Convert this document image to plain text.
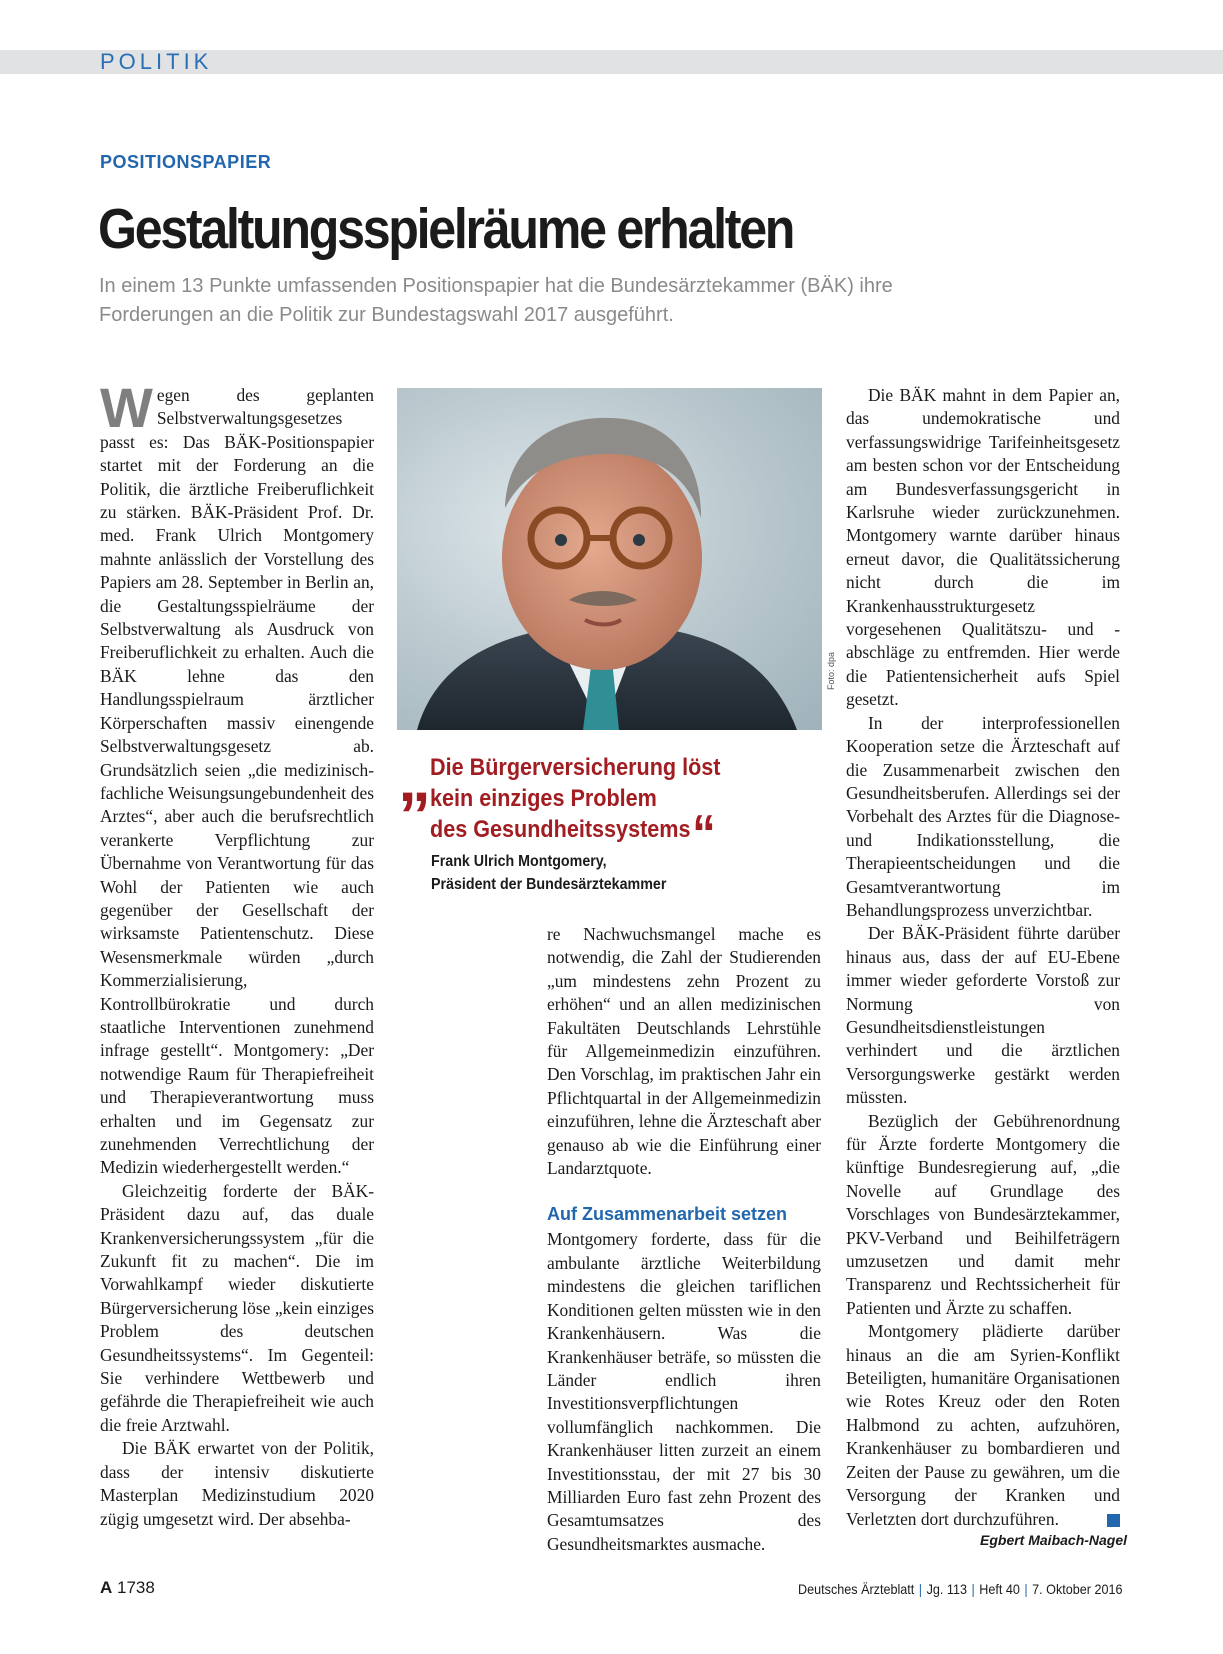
POLITIK
POSITIONSPAPIER
Gestaltungsspielräume erhalten

In einem 13 Punkte umfassenden Positionspapier hat die Bundesärztekammer (BÄK) ihre Forderungen an die Politik zur Bundestagswahl 2017 ausgeführt.

Wegen des geplanten Selbstverwaltungsgesetzes passt es: Das BÄK-Positionspapier startet mit der Forderung an die Politik, die ärztliche Freiberuflichkeit zu stärken. BÄK-Präsident Prof. Dr. med. Frank Ulrich Montgomery mahnte anlässlich der Vorstellung des Papiers am 28. September in Berlin an, die Gestaltungsspielräume der Selbstverwaltung als Ausdruck von Freiberuflichkeit zu erhalten. Auch die BÄK lehne das den Handlungsspielraum ärztlicher Körperschaften massiv einengende Selbstverwaltungsgesetz ab. Grundsätzlich seien „die medizinisch-fachliche Weisungsungebundenheit des Arztes“, aber auch die berufsrechtlich verankerte Verpflichtung zur Übernahme von Verantwortung für das Wohl der Patienten wie auch gegenüber der Gesellschaft der wirksamste Patientenschutz. Diese Wesensmerkmale würden „durch Kommerzialisierung, Kontrollbürokratie und durch staatliche Interventionen zunehmend infrage gestellt“. Montgomery: „Der notwendige Raum für Therapiefreiheit und Therapieverantwortung muss erhalten und im Gegensatz zur zunehmenden Verrechtlichung der Medizin wiederhergestellt werden.“

Gleichzeitig forderte der BÄK-Präsident dazu auf, das duale Krankenversicherungssystem „für die Zukunft fit zu machen“. Die im Vorwahlkampf wieder diskutierte Bürgerversicherung löse „kein einziges Problem des deutschen Gesundheitssystems“. Im Gegenteil: Sie verhindere Wettbewerb und gefährde die Therapiefreiheit wie auch die freie Arztwahl.

Die BÄK erwartet von der Politik, dass der intensiv diskutierte Masterplan Medizinstudium 2020 zügig umgesetzt wird. Der absehba-

Foto: dpa
„ Die Bürgerversicherung löst
kein einziges Problem
des Gesundheitssystems“
Frank Ulrich Montgomery,
Präsident der Bundesärztekammer

re Nachwuchsmangel mache es notwendig, die Zahl der Studierenden „um mindestens zehn Prozent zu erhöhen“ und an allen medizinischen Fakultäten Deutschlands Lehrstühle für Allgemeinmedizin einzuführen. Den Vorschlag, im praktischen Jahr ein Pflichtquartal in der Allgemeinmedizin einzuführen, lehne die Ärzteschaft aber genauso ab wie die Einführung einer Landarztquote.

Auf Zusammenarbeit setzen

Montgomery forderte, dass für die ambulante ärztliche Weiterbildung mindestens die gleichen tariflichen Konditionen gelten müssten wie in den Krankenhäusern. Was die Krankenhäuser beträfe, so müssten die Länder endlich ihren Investitionsverpflichtungen vollumfänglich nachkommen. Die Krankenhäuser litten zurzeit an einem Investitionsstau, der mit 27 bis 30 Milliarden Euro fast zehn Prozent des Gesamtumsatzes des Gesundheitsmarktes ausmache.

Die BÄK mahnt in dem Papier an, das undemokratische und verfassungswidrige Tarifeinheitsgesetz am besten schon vor der Entscheidung am Bundesverfassungsgericht in Karlsruhe wieder zurückzunehmen. Montgomery warnte darüber hinaus erneut davor, die Qualitätssicherung nicht durch die im Krankenhausstrukturgesetz vorgesehenen Qualitätszu- und -abschläge zu entfremden. Hier werde die Patientensicherheit aufs Spiel gesetzt.

In der interprofessionellen Kooperation setze die Ärzteschaft auf die Zusammenarbeit zwischen den Gesundheitsberufen. Allerdings sei der Vorbehalt des Arztes für die Diagnose- und Indikationsstellung, die Therapieentscheidungen und die Gesamtverantwortung im Behandlungsprozess unverzichtbar.

Der BÄK-Präsident führte darüber hinaus aus, dass der auf EU-Ebene immer wieder geforderte Vorstoß zur Normung von Gesundheitsdienstleistungen verhindert und die ärztlichen Versorgungswerke gestärkt werden müssten.

Bezüglich der Gebührenordnung für Ärzte forderte Montgomery die künftige Bundesregierung auf, „die Novelle auf Grundlage des Vorschlages von Bundesärztekammer, PKV-Verband und Beihilfeträgern umzusetzen und damit mehr Transparenz und Rechtssicherheit für Patienten und Ärzte zu schaffen.

Montgomery plädierte darüber hinaus an die am Syrien-Konflikt Beteiligten, humanitäre Organisationen wie Rotes Kreuz oder den Roten Halbmond zu achten, aufzuhören, Krankenhäuser zu bombardieren und Zeiten der Pause zu gewähren, um die Versorgung der Kranken und Verletzten dort durchzuführen.

Egbert Maibach-Nagel
A 1738	Deutsches Ärzteblatt | Jg. 113 | Heft 40 | 7. Oktober 2016
